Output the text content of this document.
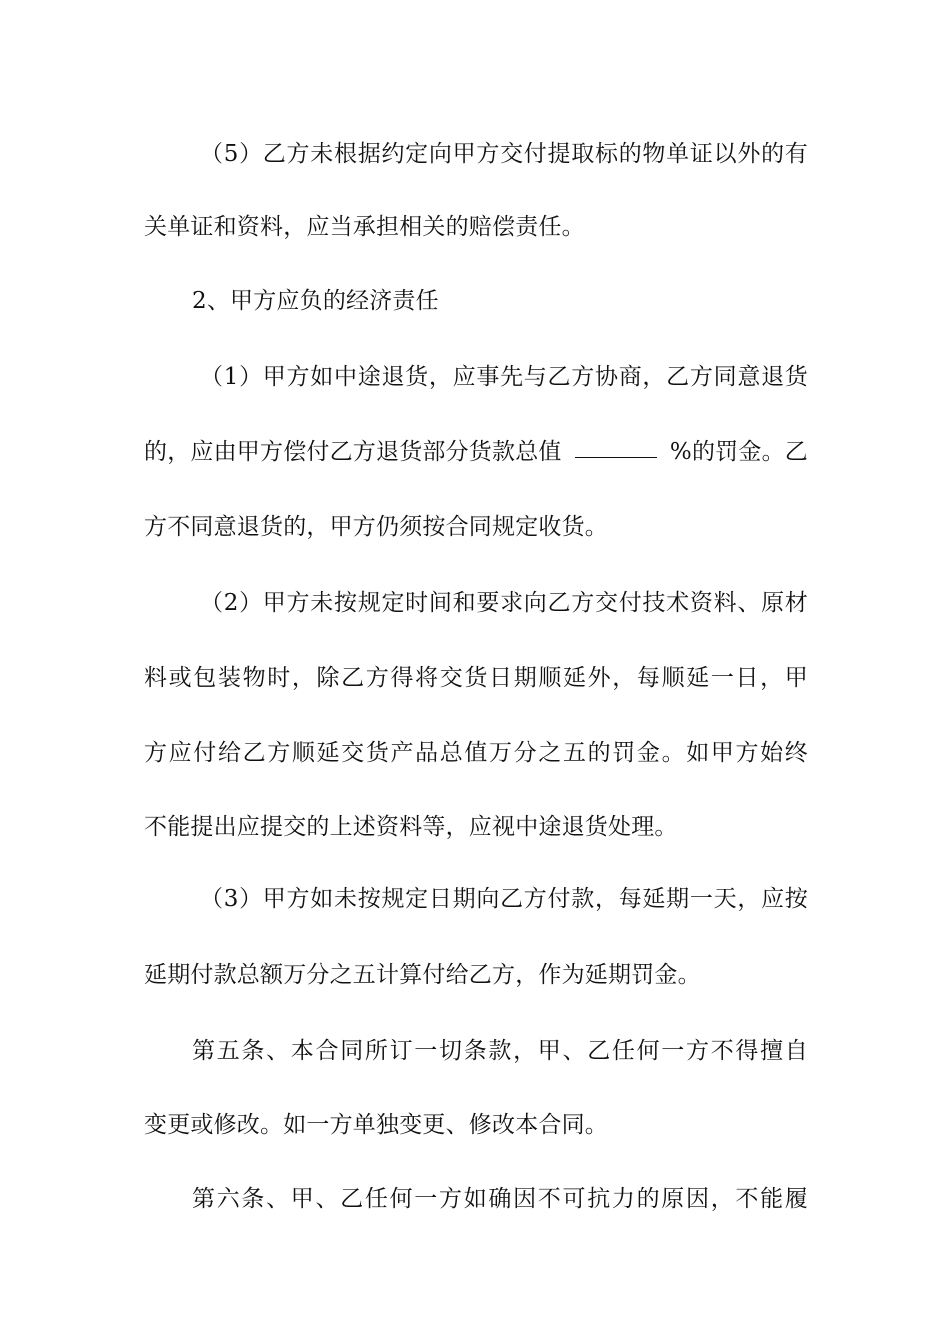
（5）乙方未根据约定向甲方交付提取标的物单证以外的有
关单证和资料，应当承担相关的赔偿责任。
2、甲方应负的经济责任
（1）甲方如中途退货，应事先与乙方协商，乙方同意退货
的，应由甲方偿付乙方退货部分货款总值	%的罚金。乙
方不同意退货的，甲方仍须按合同规定收货。
（2）甲方未按规定时间和要求向乙方交付技术资料、原材
料或包装物时，除乙方得将交货日期顺延外，每顺延一日，甲
方应付给乙方顺延交货产品总值万分之五的罚金。如甲方始终
不能提出应提交的上述资料等，应视中途退货处理。
（3）甲方如未按规定日期向乙方付款，每延期一天，应按
延期付款总额万分之五计算付给乙方，作为延期罚金。
第五条、本合同所订一切条款，甲、乙任何一方不得擅自
变更或修改。如一方单独变更、修改本合同。
第六条、甲、乙任何一方如确因不可抗力的原因，不能履
